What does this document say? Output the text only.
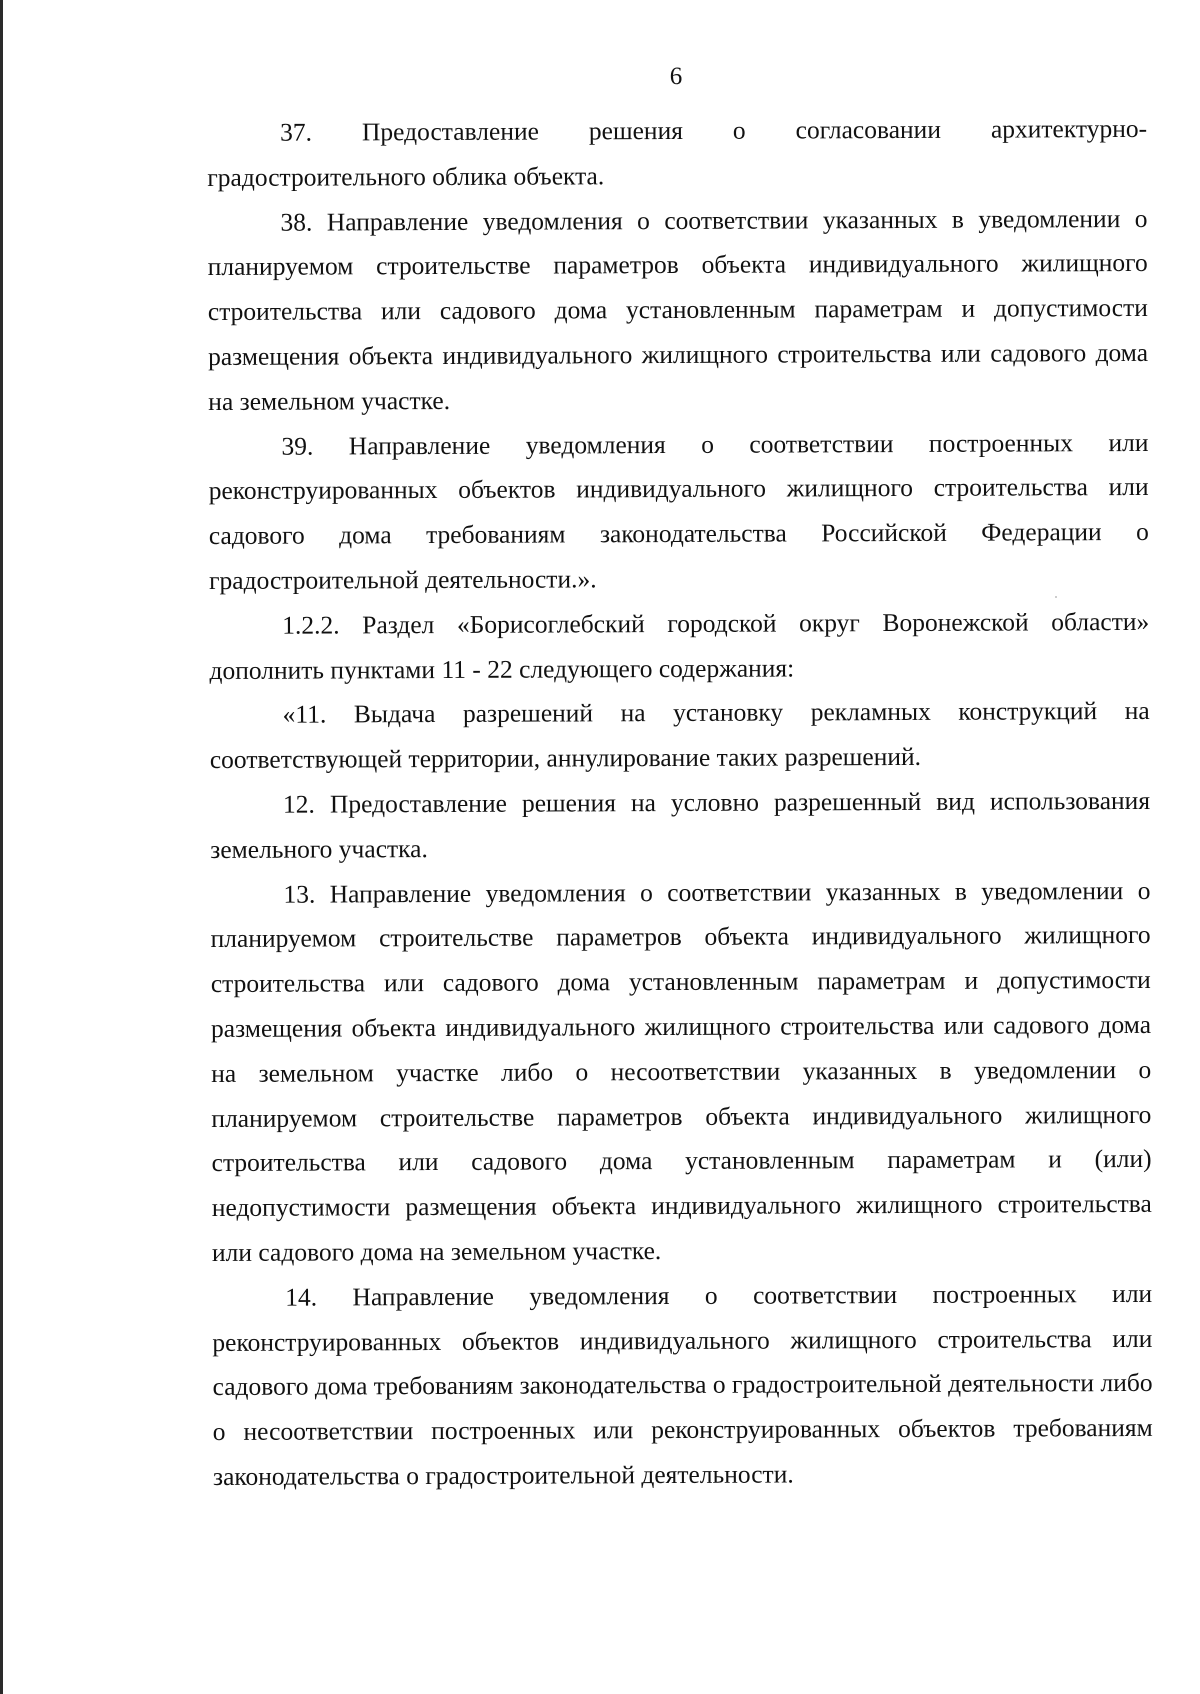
6

37. Предоставление решения о согласовании архитектурно-градостроительного облика объекта.

38. Направление уведомления о соответствии указанных в уведомлении о планируемом строительстве параметров объекта индивидуального жилищного строительства или садового дома установленным параметрам и допустимости размещения объекта индивидуального жилищного строительства или садового дома на земельном участке.

39. Направление уведомления о соответствии построенных или реконструированных объектов индивидуального жилищного строительства или садового дома требованиям законодательства Российской Федерации о градостроительной деятельности.».

1.2.2. Раздел «Борисоглебский городской округ Воронежской области» дополнить пунктами 11 - 22 следующего содержания:

«11. Выдача разрешений на установку рекламных конструкций на соответствующей территории, аннулирование таких разрешений.

12. Предоставление решения на условно разрешенный вид использования земельного участка.

13. Направление уведомления о соответствии указанных в уведомлении о планируемом строительстве параметров объекта индивидуального жилищного строительства или садового дома установленным параметрам и допустимости размещения объекта индивидуального жилищного строительства или садового дома на земельном участке либо о несоответствии указанных в уведомлении о планируемом строительстве параметров объекта индивидуального жилищного строительства или садового дома установленным параметрам и (или) недопустимости размещения объекта индивидуального жилищного строительства или садового дома на земельном участке.

14. Направление уведомления о соответствии построенных или реконструированных объектов индивидуального жилищного строительства или садового дома требованиям законодательства о градостроительной деятельности либо о несоответствии построенных или реконструированных объектов требованиям законодательства о градостроительной деятельности.
